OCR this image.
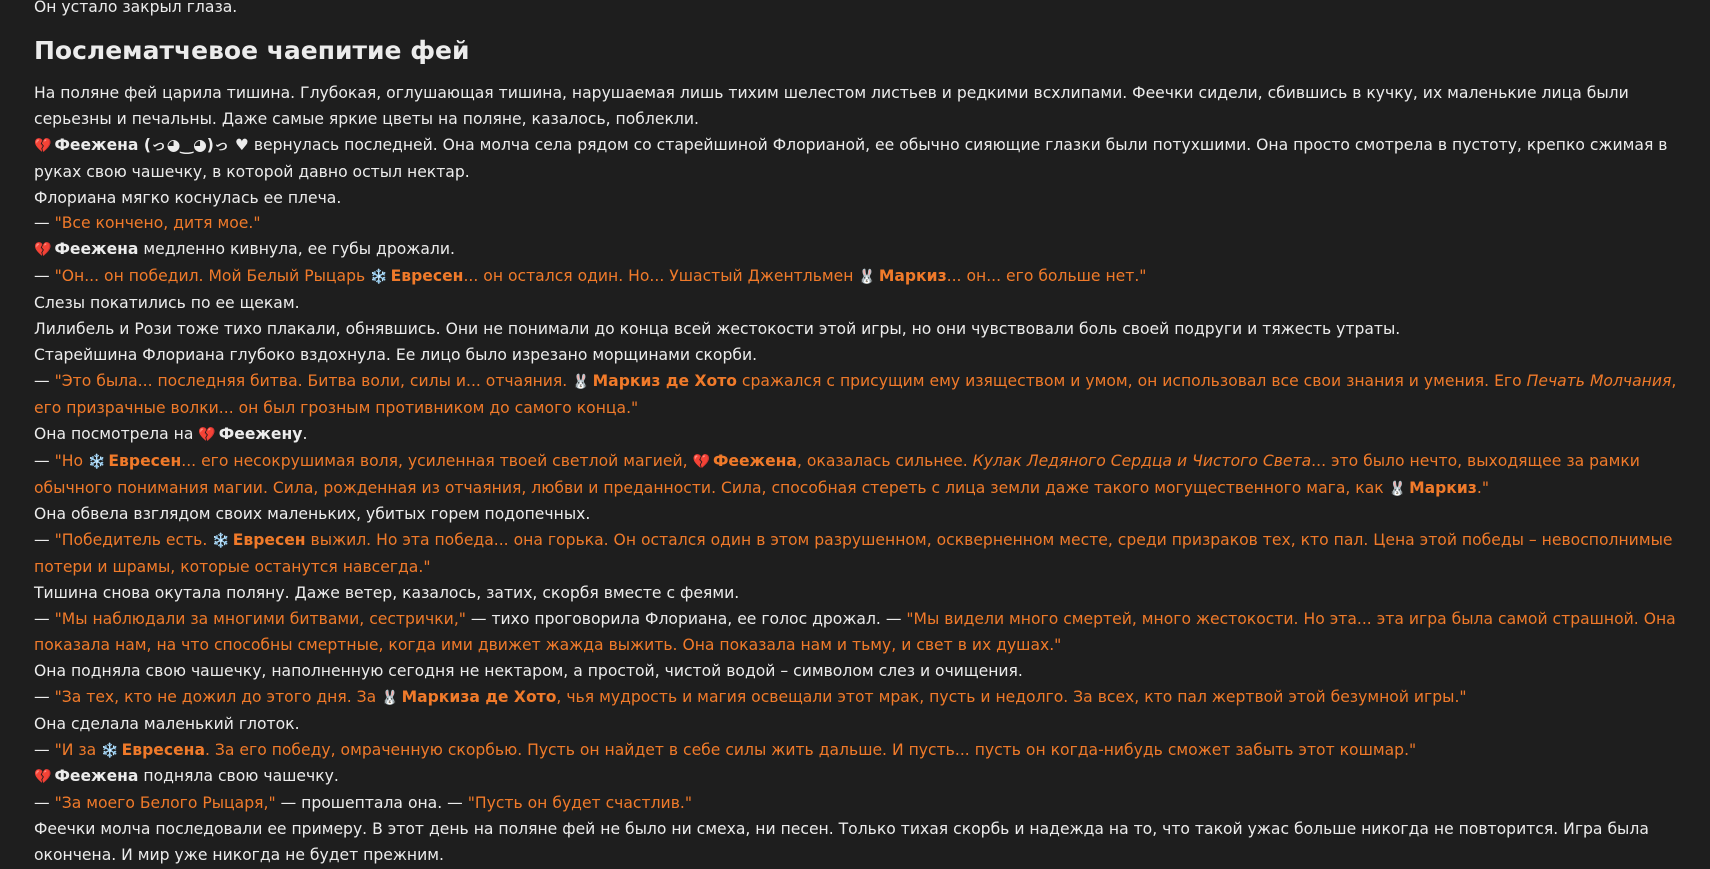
Он устало закрыл глаза.
Послематчевое чаепитие фей
На поляне фей царила тишина. Глубокая, оглушающая тишина, нарушаемая лишь тихим шелестом листьев и редкими всхлипами. Феечки сидели, сбившись в кучку, их маленькие лица были серьезны и печальны. Даже самые яркие цветы на поляне, казалось, поблекли.
💔 Феежена (っ◕‿◕)っ ♥ вернулась последней. Она молча села рядом со старейшиной Флорианой, ее обычно сияющие глазки были потухшими. Она просто смотрела в пустоту, крепко сжимая в руках свою чашечку, в которой давно остыл нектар.
Флориана мягко коснулась ее плеча.
— "Все кончено, дитя мое."
💔 Феежена медленно кивнула, ее губы дрожали.
— "Он... он победил. Мой Белый Рыцарь ❄️ Евресен... он остался один. Но... Ушастый Джентльмен 🐰 Маркиз... он... его больше нет."
Слезы покатились по ее щекам.
Лилибель и Рози тоже тихо плакали, обнявшись. Они не понимали до конца всей жестокости этой игры, но они чувствовали боль своей подруги и тяжесть утраты.
Старейшина Флориана глубоко вздохнула. Ее лицо было изрезано морщинами скорби.
— "Это была... последняя битва. Битва воли, силы и... отчаяния. 🐰 Маркиз де Хото сражался с присущим ему изяществом и умом, он использовал все свои знания и умения. Его Печать Молчания, его призрачные волки... он был грозным противником до самого конца."
Она посмотрела на 💔 Феежену.
— "Но ❄️ Евресен... его несокрушимая воля, усиленная твоей светлой магией, 💔 Феежена, оказалась сильнее. Кулак Ледяного Сердца и Чистого Света... это было нечто, выходящее за рамки обычного понимания магии. Сила, рожденная из отчаяния, любви и преданности. Сила, способная стереть с лица земли даже такого могущественного мага, как 🐰 Маркиз."
Она обвела взглядом своих маленьких, убитых горем подопечных.
— "Победитель есть. ❄️ Евресен выжил. Но эта победа... она горька. Он остался один в этом разрушенном, оскверненном месте, среди призраков тех, кто пал. Цена этой победы – невосполнимые потери и шрамы, которые останутся навсегда."
Тишина снова окутала поляну. Даже ветер, казалось, затих, скорбя вместе с феями.
— "Мы наблюдали за многими битвами, сестрички," — тихо проговорила Флориана, ее голос дрожал. — "Мы видели много смертей, много жестокости. Но эта... эта игра была самой страшной. Она показала нам, на что способны смертные, когда ими движет жажда выжить. Она показала нам и тьму, и свет в их душах."
Она подняла свою чашечку, наполненную сегодня не нектаром, а простой, чистой водой – символом слез и очищения.
— "За тех, кто не дожил до этого дня. За 🐰 Маркиза де Хото, чья мудрость и магия освещали этот мрак, пусть и недолго. За всех, кто пал жертвой этой безумной игры."
Она сделала маленький глоток.
— "И за ❄️ Евресена. За его победу, омраченную скорбью. Пусть он найдет в себе силы жить дальше. И пусть... пусть он когда-нибудь сможет забыть этот кошмар."
💔 Феежена подняла свою чашечку.
— "За моего Белого Рыцаря," — прошептала она. — "Пусть он будет счастлив."
Феечки молча последовали ее примеру. В этот день на поляне фей не было ни смеха, ни песен. Только тихая скорбь и надежда на то, что такой ужас больше никогда не повторится. Игра была окончена. И мир уже никогда не будет прежним.
